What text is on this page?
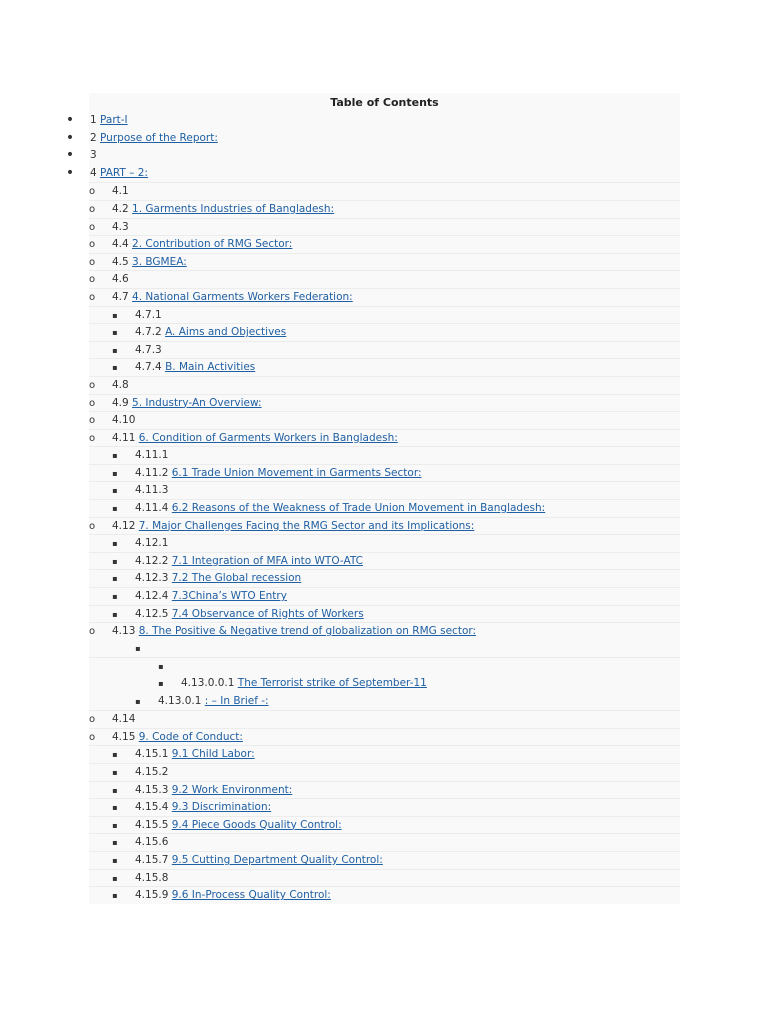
Table of Contents
• 1 Part-I
• 2 Purpose of the Report:
• 3
• 4 PART – 2:
o 4.1
o 4.2 1. Garments Industries of Bangladesh:
o 4.3
o 4.4 2. Contribution of RMG Sector:
o 4.5 3. BGMEA:
o 4.6
o 4.7 4. National Garments Workers Federation:
▪	4.7.1
▪	4.7.2 A. Aims and Objectives
▪	4.7.3
▪	4.7.4 B. Main Activities
o 4.8
o 4.9 5. Industry-An Overview:
o 4.10
o 4.11 6. Condition of Garments Workers in Bangladesh:
▪	4.11.1
▪	4.11.2 6.1 Trade Union Movement in Garments Sector:
▪	4.11.3
▪	4.11.4 6.2 Reasons of the Weakness of Trade Union Movement in Bangladesh:
o 4.12 7. Major Challenges Facing the RMG Sector and its Implications:
▪	4.12.1
▪	4.12.2 7.1 Integration of MFA into WTO-ATC
▪	4.12.3 7.2 The Global recession
▪	4.12.4 7.3China’s WTO Entry
▪	4.12.5 7.4 Observance of Rights of Workers
o 4.13 8. The Positive & Negative trend of globalization on RMG sector:
▪
▪
▪	4.13.0.0.1 The Terrorist strike of September-11
▪	4.13.0.1 : – In Brief -:
o 4.14
o 4.15 9. Code of Conduct:
▪	4.15.1 9.1 Child Labor:
▪	4.15.2
▪	4.15.3 9.2 Work Environment:
▪	4.15.4 9.3 Discrimination:
▪	4.15.5 9.4 Piece Goods Quality Control:
▪	4.15.6
▪	4.15.7 9.5 Cutting Department Quality Control:
▪	4.15.8
▪	4.15.9 9.6 In-Process Quality Control:
